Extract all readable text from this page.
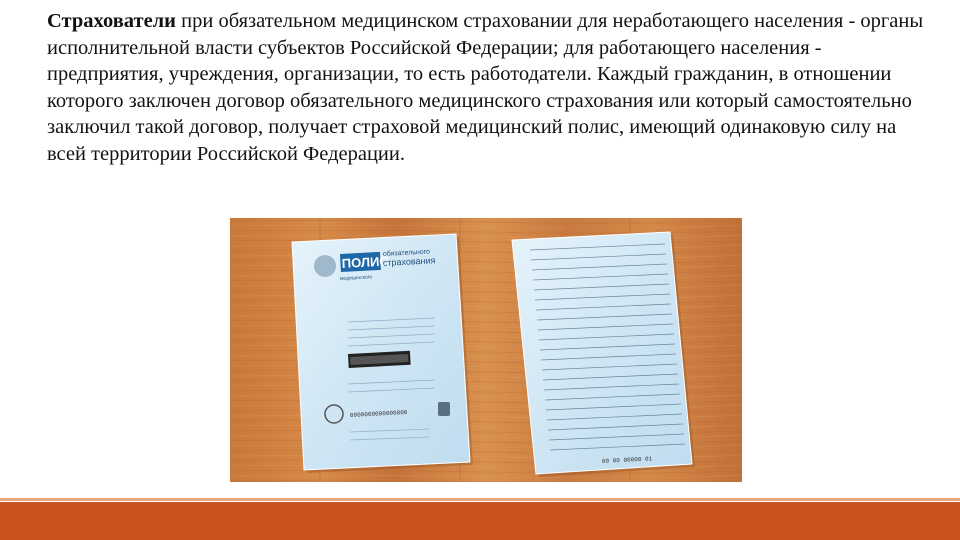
Страхователи при обязательном медицинском страховании для неработающего населения - органы исполнительной власти субъектов Российской Федерации; для работающего населения - предприятия, учреждения, организации, то есть работодатели. Каждый гражданин, в отношении которого заключен договор обязательного медицинского страхования или который самостоятельно заключил такой договор, получает страховой медицинский полис, имеющий одинаковую силу на всей территории Российской Федерации.
ПОЛИС
обязательного
страхования
медицинского
0000000000000000
00 00 00000 01
